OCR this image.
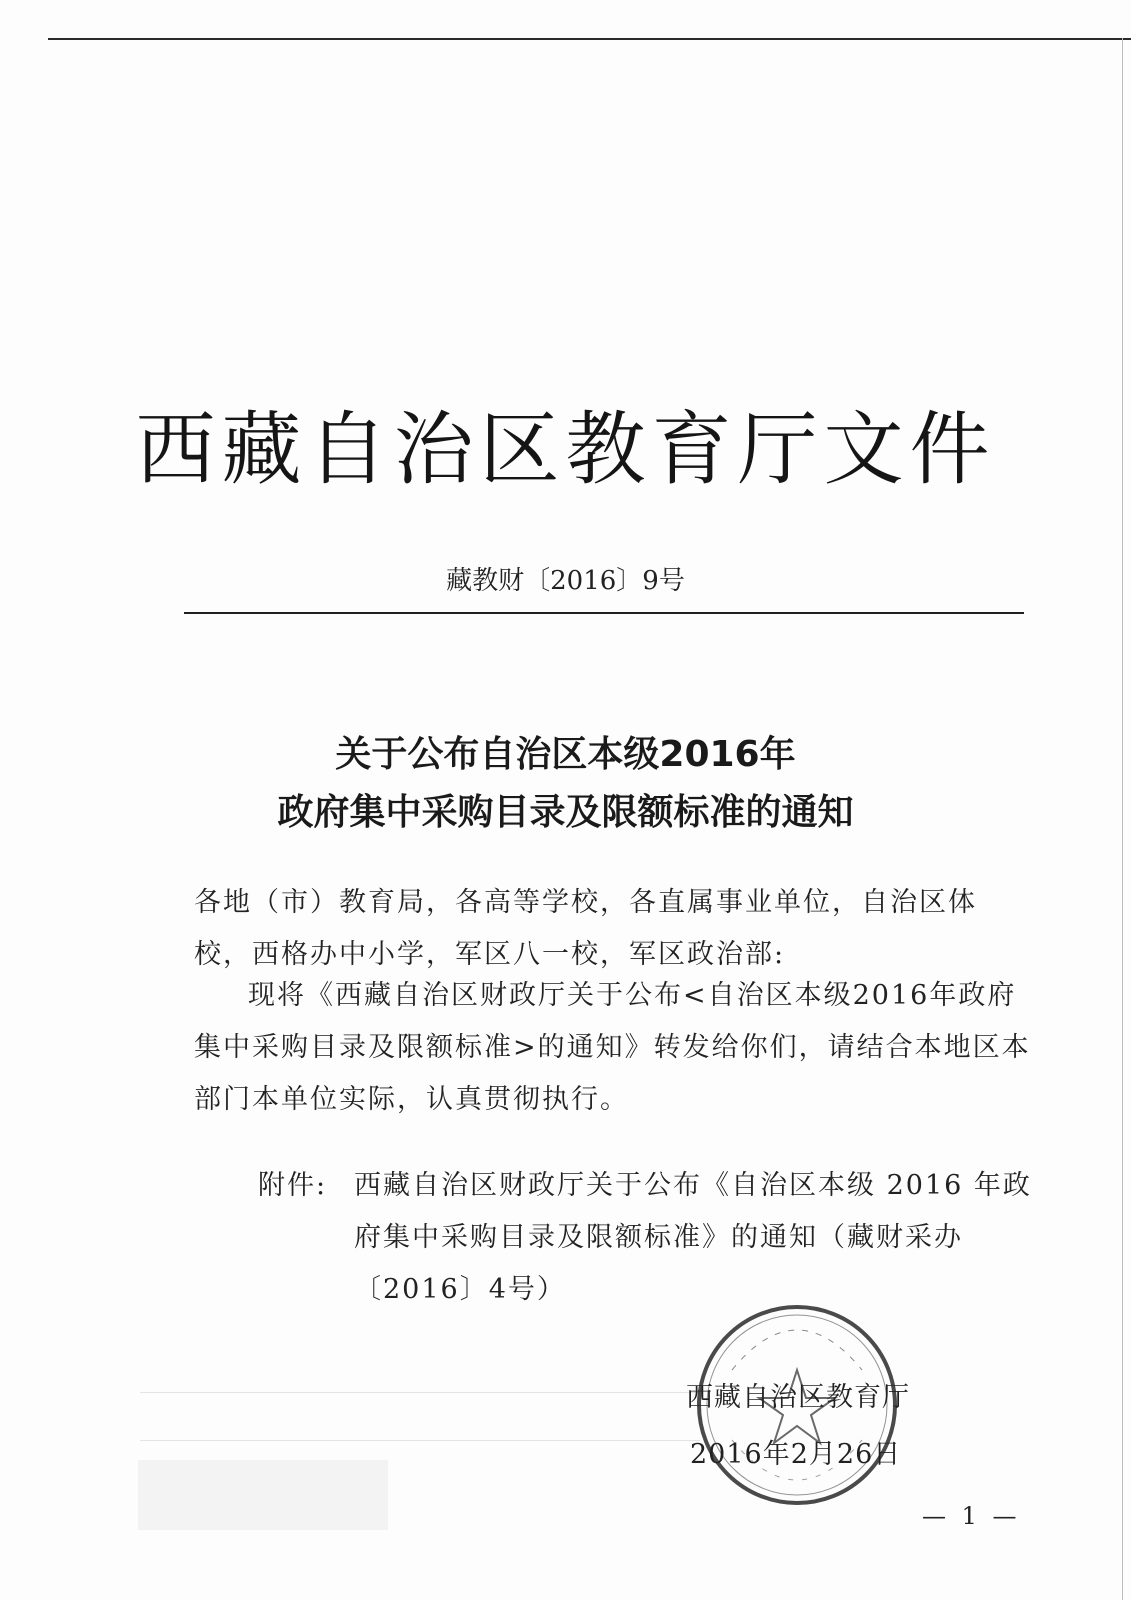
西藏自治区教育厅文件
藏教财〔2016〕9号
关于公布自治区本级2016年
政府集中采购目录及限额标准的通知
各地（市）教育局，各高等学校，各直属事业单位，自治区体校，西格办中小学，军区八一校，军区政治部:
现将《西藏自治区财政厅关于公布<自治区本级2016年政府集中采购目录及限额标准>的通知》转发给你们，请结合本地区本部门本单位实际，认真贯彻执行。
附件: 西藏自治区财政厅关于公布《自治区本级 2016 年政府集中采购目录及限额标准》的通知（藏财采办〔2016〕4号）
西藏自治区教育厅
2016年2月26日
— 1 —
